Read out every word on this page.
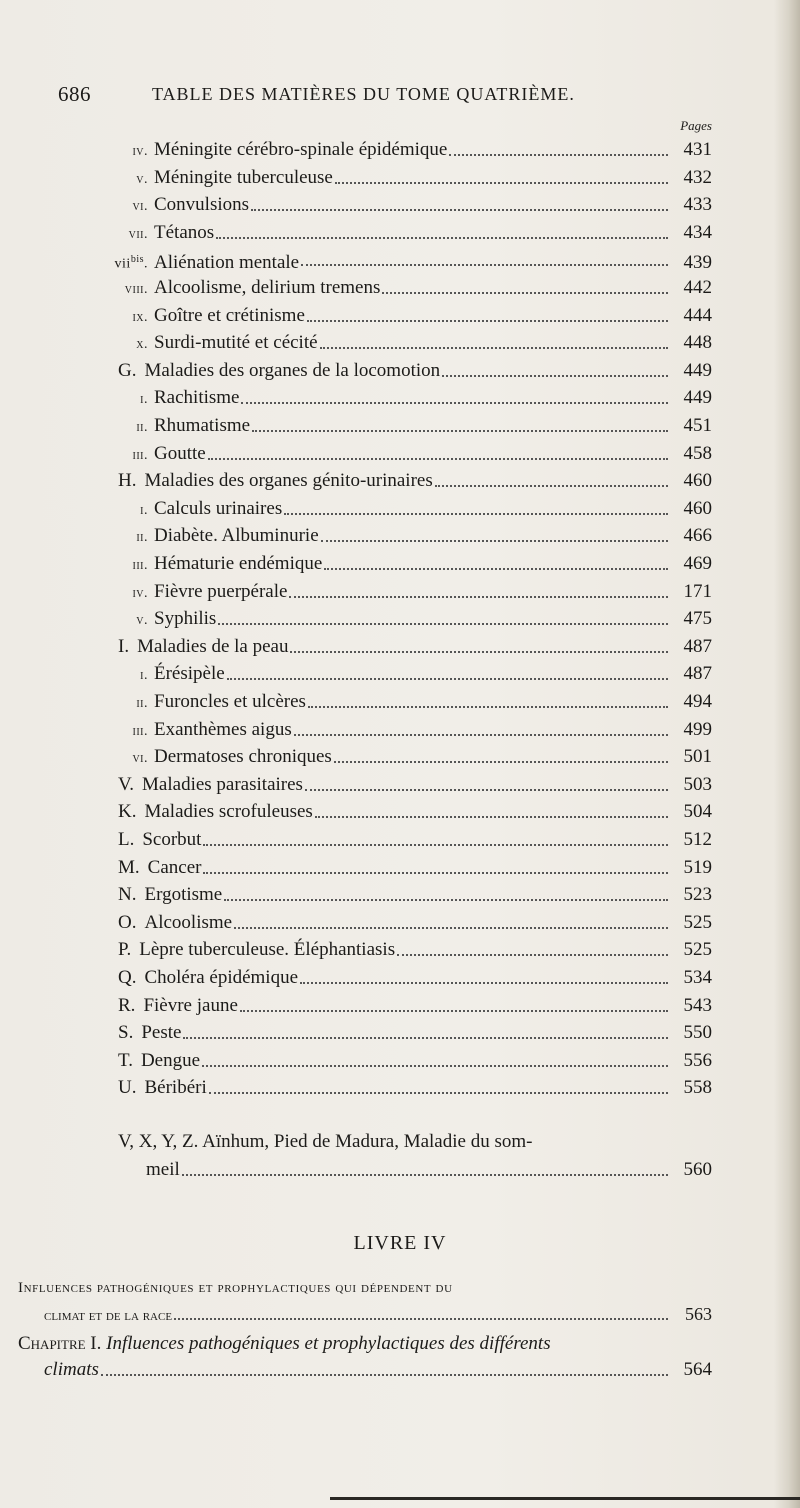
686	TABLE DES MATIÈRES DU TOME QUATRIÈME.
Pages
iv. Méningite cérébro-spinale épidémique	431
v. Méningite tuberculeuse	432
vi. Convulsions	433
vii. Tétanos	434
vii$^{bis}$. Aliénation mentale	439
viii. Alcoolisme, delirium tremens	442
ix. Goître et crétinisme	444
x. Surdi-mutité et cécité	448
G. Maladies des organes de la locomotion	449
i. Rachitisme	449
ii. Rhumatisme	451
iii. Goutte	458
H. Maladies des organes génito-urinaires	460
i. Calculs urinaires	460
ii. Diabète. Albuminurie	466
iii. Hématurie endémique	469
iv. Fièvre puerpérale	171
v. Syphilis	475
I. Maladies de la peau	487
i. Érésipèle	487
ii. Furoncles et ulcères	494
iii. Exanthèmes aigus	499
vi. Dermatoses chroniques	501
V. Maladies parasitaires	503
K. Maladies scrofuleuses	504
L. Scorbut	512
M. Cancer	519
N. Ergotisme	523
O. Alcoolisme	525
P. Lèpre tuberculeuse. Éléphantiasis	525
Q. Choléra épidémique	534
R. Fièvre jaune	543
S. Peste	550
T. Dengue	556
U. Béribéri	558
V, X, Y, Z. Aïnhum, Pied de Madura, Maladie du som-
meil	560
LIVRE IV
Influences pathogéniques et prophylactiques qui dépendent du
climat et de la race	563
Chapitre I. Influences pathogéniques et prophylactiques des différents
climats	564
